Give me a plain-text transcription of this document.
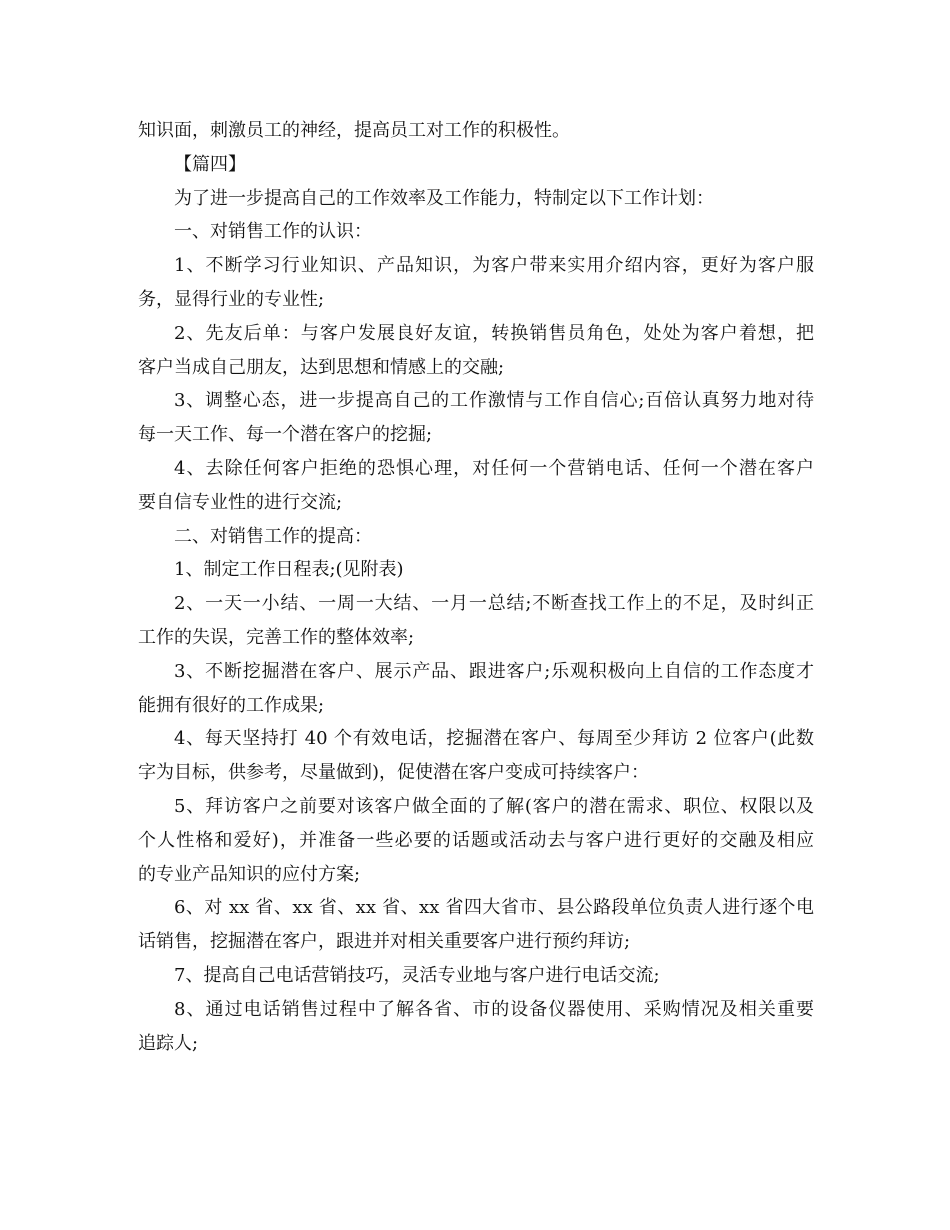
知识面，刺激员工的神经，提高员工对工作的积极性。
【篇四】
为了进一步提高自己的工作效率及工作能力，特制定以下工作计划：
一、对销售工作的认识：
1、不断学习行业知识、产品知识，为客户带来实用介绍内容，更好为客户服
务，显得行业的专业性;
2、先友后单：与客户发展良好友谊，转换销售员角色，处处为客户着想，把
客户当成自己朋友，达到思想和情感上的交融;
3、调整心态，进一步提高自己的工作激情与工作自信心;百倍认真努力地对待
每一天工作、每一个潜在客户的挖掘;
4、去除任何客户拒绝的恐惧心理，对任何一个营销电话、任何一个潜在客户
要自信专业性的进行交流;
二、对销售工作的提高：
1、制定工作日程表;(见附表)
2、一天一小结、一周一大结、一月一总结;不断查找工作上的不足，及时纠正
工作的失误，完善工作的整体效率;
3、不断挖掘潜在客户、展示产品、跟进客户;乐观积极向上自信的工作态度才
能拥有很好的工作成果;
4、每天坚持打 40 个有效电话，挖掘潜在客户、每周至少拜访 2 位客户(此数
字为目标，供参考，尽量做到)，促使潜在客户变成可持续客户：
5、拜访客户之前要对该客户做全面的了解(客户的潜在需求、职位、权限以及
个人性格和爱好)，并准备一些必要的话题或活动去与客户进行更好的交融及相应
的专业产品知识的应付方案;
6、对 xx 省、xx 省、xx 省、xx 省四大省市、县公路段单位负责人进行逐个电
话销售，挖掘潜在客户，跟进并对相关重要客户进行预约拜访;
7、提高自己电话营销技巧，灵活专业地与客户进行电话交流;
8、通过电话销售过程中了解各省、市的设备仪器使用、采购情况及相关重要
追踪人;
